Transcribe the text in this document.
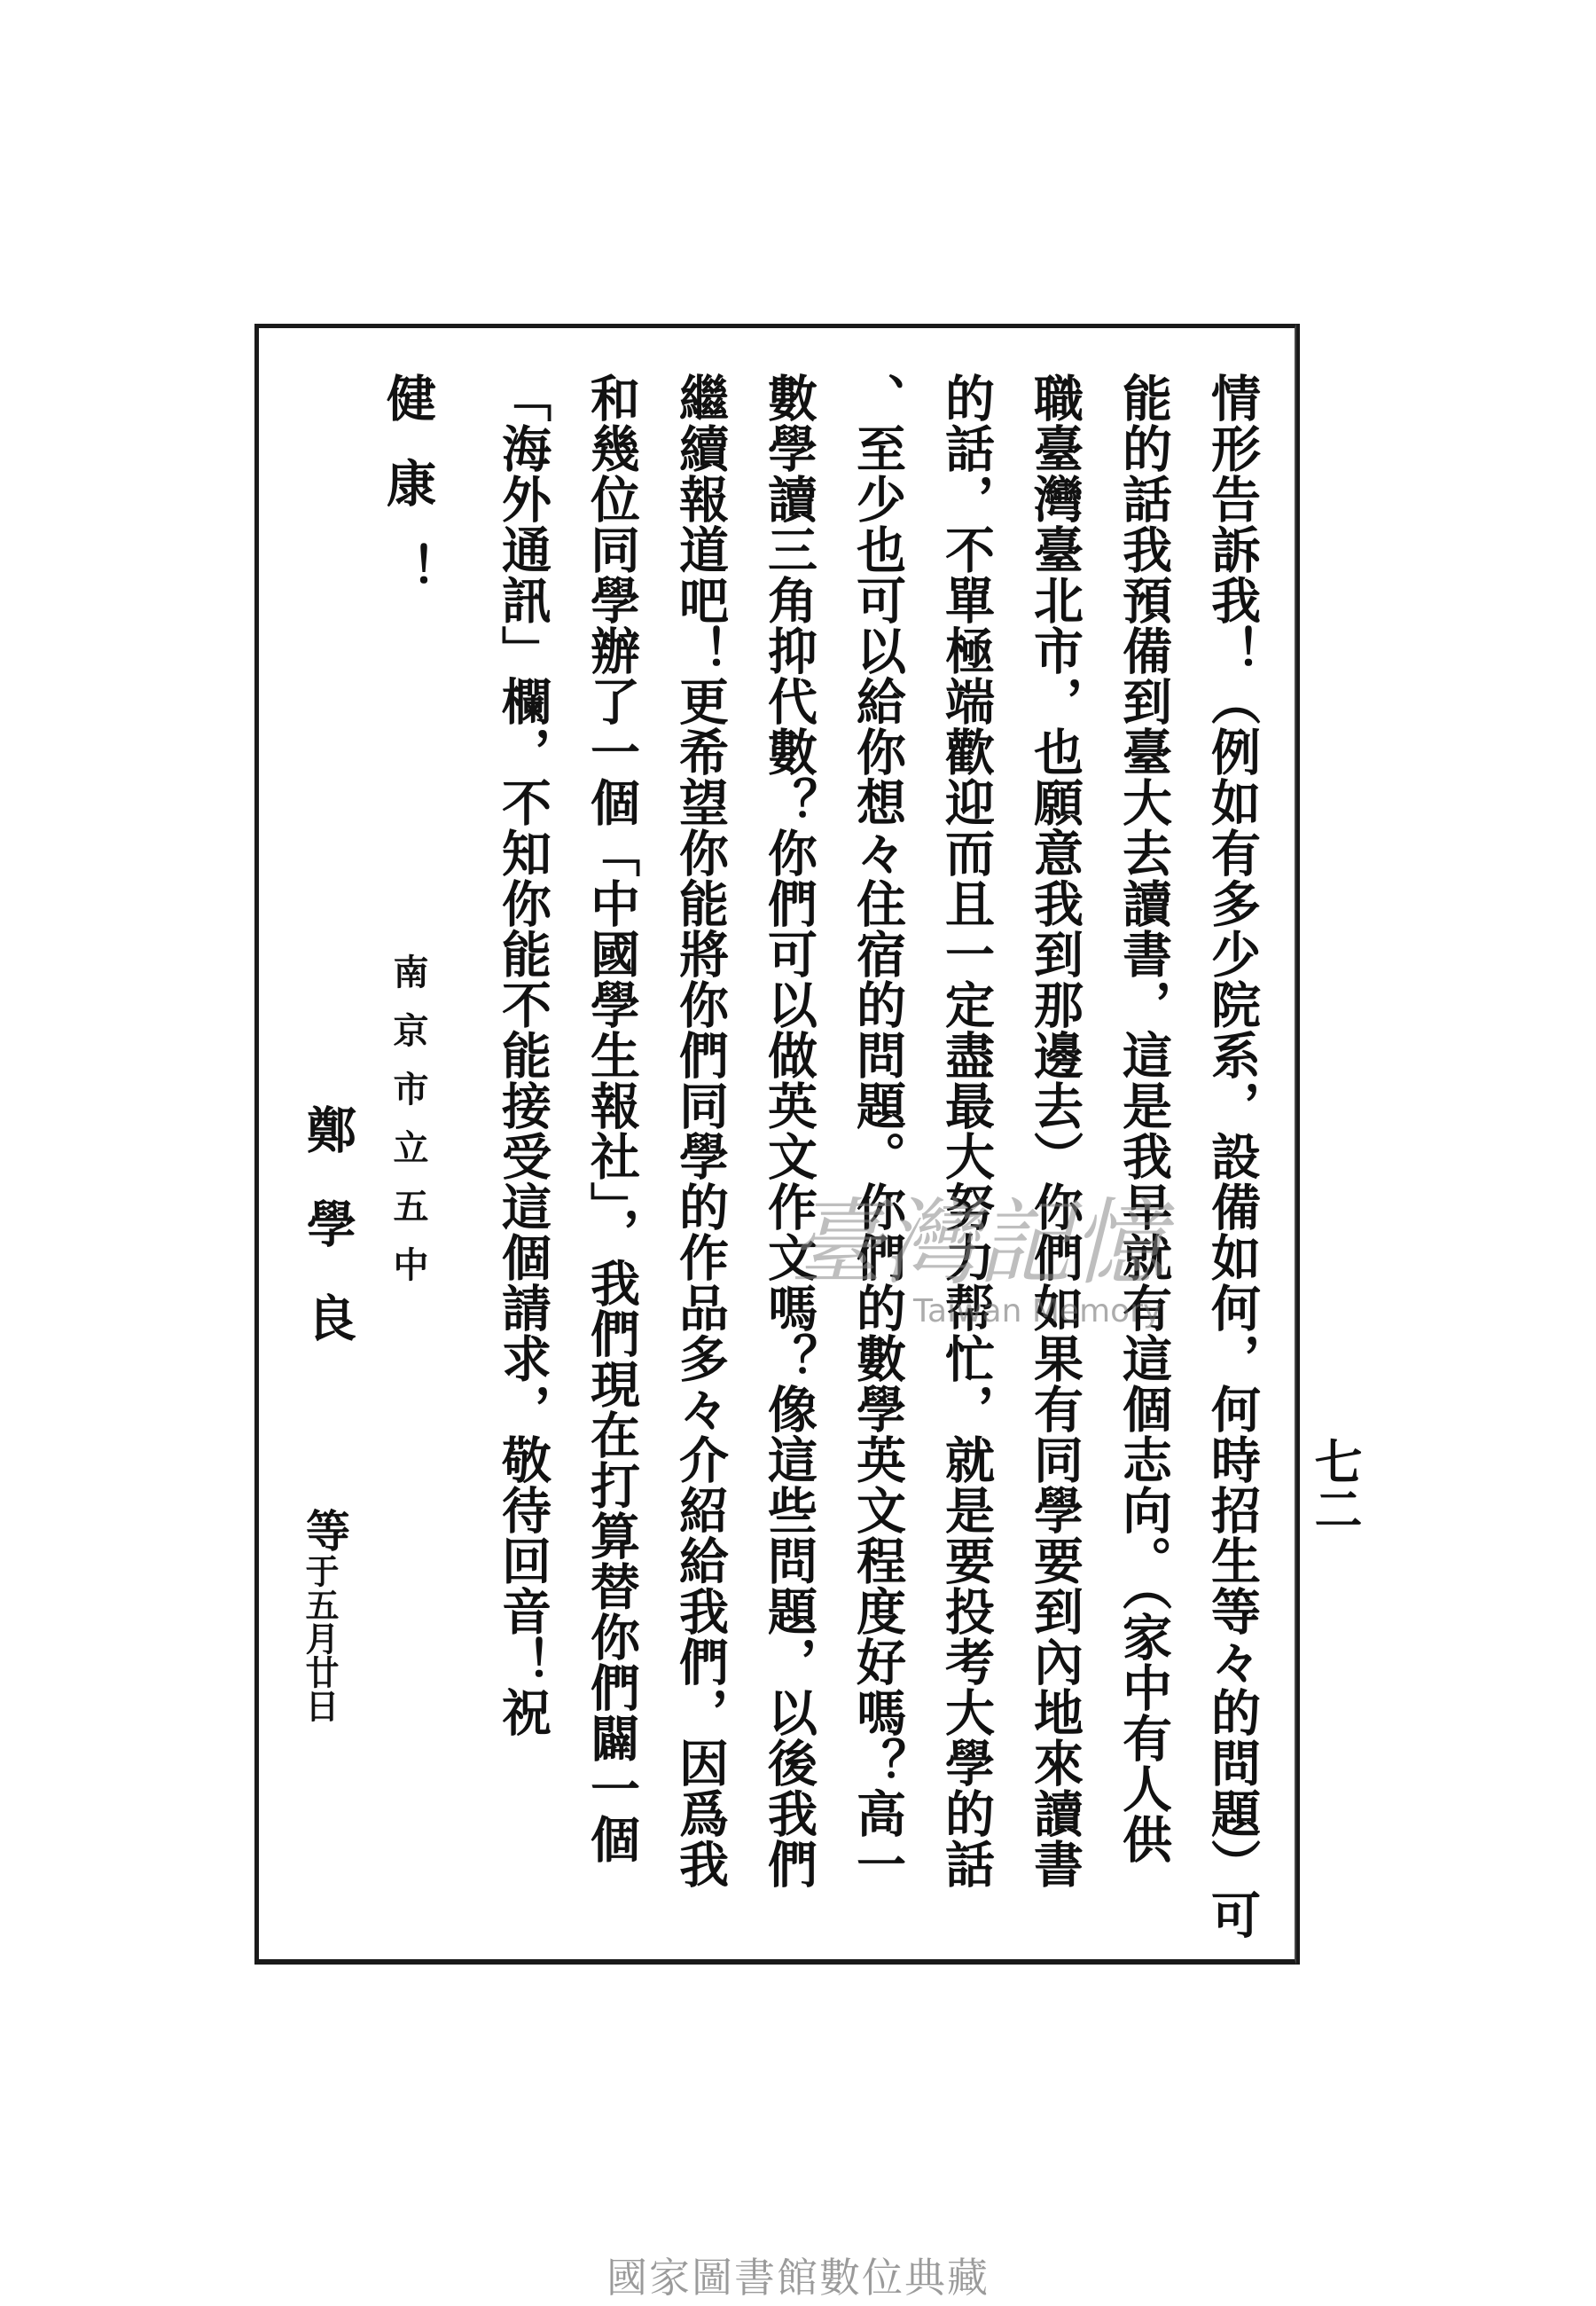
七二
情形告訴我！（例如有多少院系，設備如何，何時招生等々的問題）可
能的話我預備到臺大去讀書，這是我早就有這個志向。（家中有人供
職臺灣臺北市，也願意我到那邊去）你們如果有同學要到內地來讀書
的話，不單極端歡迎而且一定盡最大努力帮忙，就是要投考大學的話
、至少也可以給你想々住宿的問題。你們的數學英文程度好嗎？高一
數學讀三角抑代數？你們可以做英文作文嗎？像這些問題，以後我們
繼續報道吧！更希望你能將你們同學的作品多々介紹給我們，因爲我
和幾位同學辦了一個「中國學生報社」，我們現在打算替你們闢一個
「海外通訊」欄，不知你能不能接受這個請求，敬待回音！祝
健康！
南京市立五中
鄭學良
等
于五月廿日
臺灣記憶
Taiwan Memory
國家圖書館數位典藏
